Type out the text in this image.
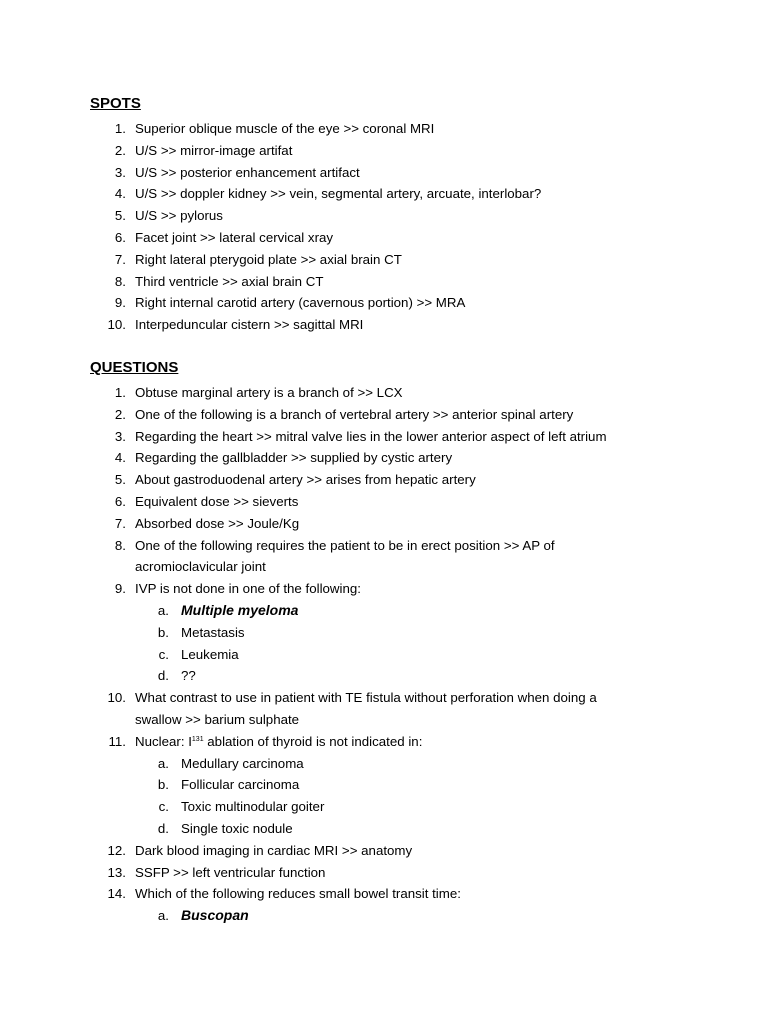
SPOTS
1. Superior oblique muscle of the eye >> coronal MRI
2. U/S >> mirror-image artifat
3. U/S >> posterior enhancement artifact
4. U/S >> doppler kidney >> vein, segmental artery, arcuate, interlobar?
5. U/S >> pylorus
6. Facet joint >> lateral cervical xray
7. Right lateral pterygoid plate >> axial brain CT
8. Third ventricle >> axial brain CT
9. Right internal carotid artery (cavernous portion) >> MRA
10. Interpeduncular cistern >> sagittal MRI
QUESTIONS
1. Obtuse marginal artery is a branch of >> LCX
2. One of the following is a branch of vertebral artery >> anterior spinal artery
3. Regarding the heart >> mitral valve lies in the lower anterior aspect of left atrium
4. Regarding the gallbladder >> supplied by cystic artery
5. About gastroduodenal artery >> arises from hepatic artery
6. Equivalent dose >> sieverts
7. Absorbed dose >> Joule/Kg
8. One of the following requires the patient to be in erect position >> AP of
acromioclavicular joint
9. IVP is not done in one of the following:
a. Multiple myeloma
b. Metastasis
c. Leukemia
d. ??
10. What contrast to use in patient with TE fistula without perforation when doing a
swallow >> barium sulphate
11. Nuclear: $I^{131}$ ablation of thyroid is not indicated in:
a. Medullary carcinoma
b. Follicular carcinoma
c. Toxic multinodular goiter
d. Single toxic nodule
12. Dark blood imaging in cardiac MRI >> anatomy
13. SSFP >> left ventricular function
14. Which of the following reduces small bowel transit time:
a. Buscopan
